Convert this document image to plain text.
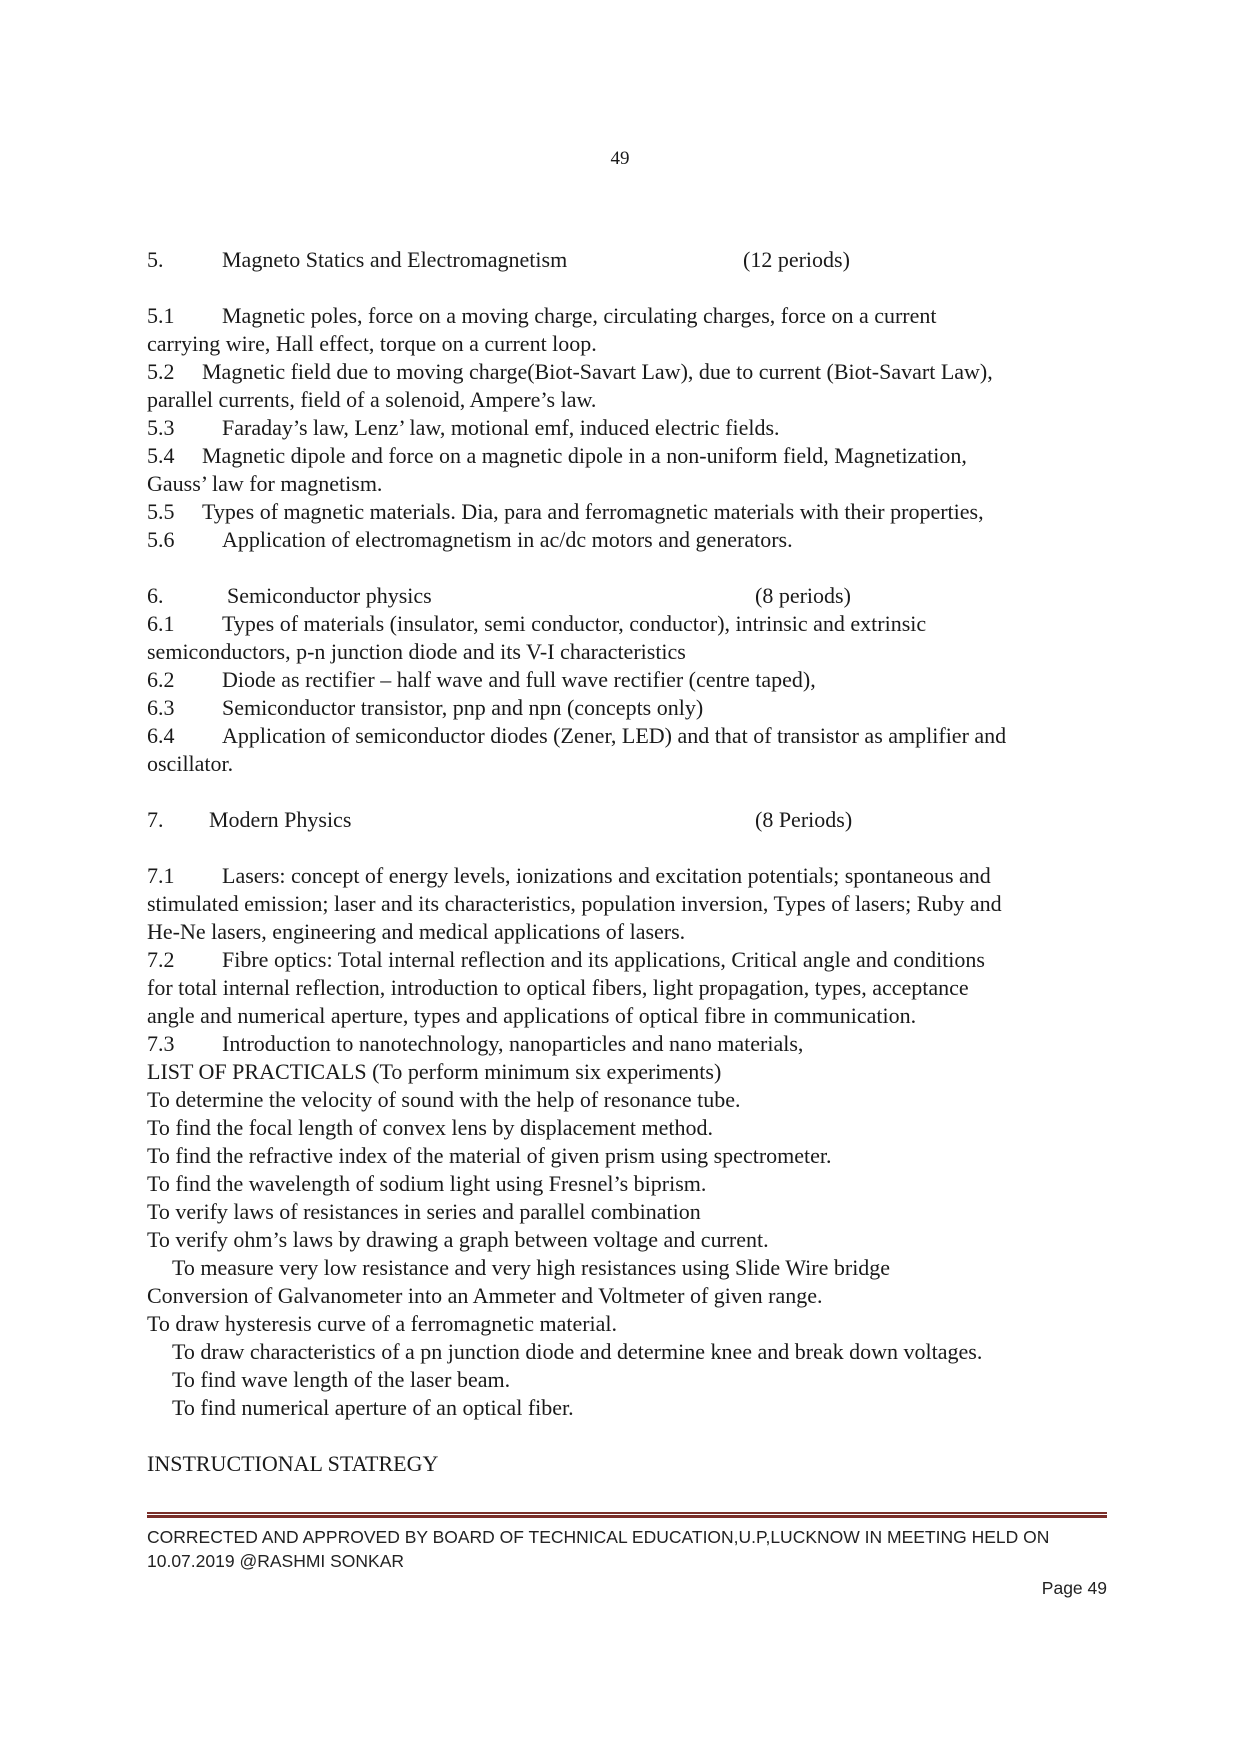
49
5.	Magneto Statics and Electromagnetism	(12 periods)
5.1 Magnetic poles, force on a moving charge, circulating charges, force on a current
carrying wire, Hall effect, torque on a current loop.
5.2 Magnetic field due to moving charge(Biot-Savart Law), due to current (Biot-Savart Law),
parallel currents, field of a solenoid, Ampere’s law.
5.3 Faraday’s law, Lenz’ law, motional emf, induced electric fields.
5.4 Magnetic dipole and force on a magnetic dipole in a non-uniform field, Magnetization,
Gauss’ law for magnetism.
5.5 Types of magnetic materials. Dia, para and ferromagnetic materials with their properties,
5.6 Application of electromagnetism in ac/dc motors and generators.
6.	Semiconductor physics	(8 periods)
6.1 Types of materials (insulator, semi conductor, conductor), intrinsic and extrinsic
semiconductors, p-n junction diode and its V-I characteristics
6.2 Diode as rectifier – half wave and full wave rectifier (centre taped),
6.3 Semiconductor transistor, pnp and npn (concepts only)
6.4 Application of semiconductor diodes (Zener, LED) and that of transistor as amplifier and
oscillator.
7. Modern Physics	(8 Periods)
7.1 Lasers: concept of energy levels, ionizations and excitation potentials; spontaneous and
stimulated emission; laser and its characteristics, population inversion, Types of lasers; Ruby and
He-Ne lasers, engineering and medical applications of lasers.
7.2 Fibre optics: Total internal reflection and its applications, Critical angle and conditions
for total internal reflection, introduction to optical fibers, light propagation, types, acceptance
angle and numerical aperture, types and applications of optical fibre in communication.
7.3 Introduction to nanotechnology, nanoparticles and nano materials,
LIST OF PRACTICALS (To perform minimum six experiments)
To determine the velocity of sound with the help of resonance tube.
To find the focal length of convex lens by displacement method.
To find the refractive index of the material of given prism using spectrometer.
To find the wavelength of sodium light using Fresnel’s biprism.
To verify laws of resistances in series and parallel combination
To verify ohm’s laws by drawing a graph between voltage and current.
To measure very low resistance and very high resistances using Slide Wire bridge
Conversion of Galvanometer into an Ammeter and Voltmeter of given range.
To draw hysteresis curve of a ferromagnetic material.
To draw characteristics of a pn junction diode and determine knee and break down voltages.
To find wave length of the laser beam.
To find numerical aperture of an optical fiber.
INSTRUCTIONAL STATREGY
CORRECTED AND APPROVED BY BOARD OF TECHNICAL EDUCATION,U.P,LUCKNOW IN MEETING HELD ON
10.07.2019 @RASHMI SONKAR
Page 49
